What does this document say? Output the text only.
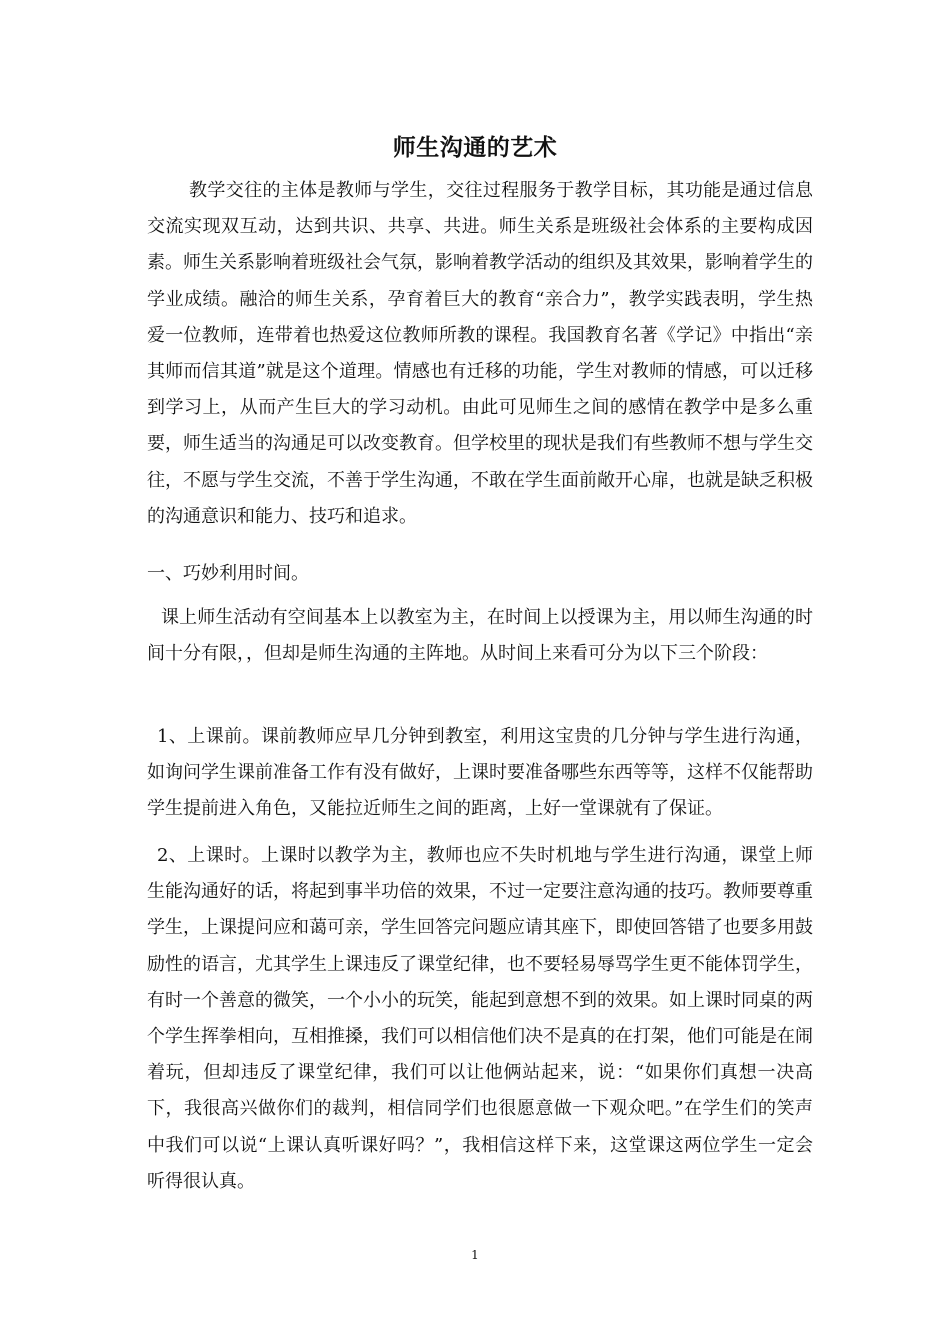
师生沟通的艺术

教学交往的主体是教师与学生，交往过程服务于教学目标，其功能是通过信息交流实现双互动，达到共识、共享、共进。师生关系是班级社会体系的主要构成因素。师生关系影响着班级社会气氛，影响着教学活动的组织及其效果，影响着学生的学业成绩。融洽的师生关系，孕育着巨大的教育“亲合力”，教学实践表明，学生热爱一位教师，连带着也热爱这位教师所教的课程。我国教育名著《学记》中指出“亲其师而信其道”就是这个道理。情感也有迁移的功能，学生对教师的情感，可以迁移到学习上，从而产生巨大的学习动机。由此可见师生之间的感情在教学中是多么重要，师生适当的沟通足可以改变教育。但学校里的现状是我们有些教师不想与学生交往，不愿与学生交流，不善于学生沟通，不敢在学生面前敞开心扉，也就是缺乏积极的沟通意识和能力、技巧和追求。

一、巧妙利用时间。

课上师生活动有空间基本上以教室为主，在时间上以授课为主，用以师生沟通的时间十分有限，，但却是师生沟通的主阵地。从时间上来看可分为以下三个阶段：

1、上课前。课前教师应早几分钟到教室，利用这宝贵的几分钟与学生进行沟通，如询问学生课前准备工作有没有做好，上课时要准备哪些东西等等，这样不仅能帮助学生提前进入角色，又能拉近师生之间的距离，上好一堂课就有了保证。

2、上课时。上课时以教学为主，教师也应不失时机地与学生进行沟通，课堂上师生能沟通好的话，将起到事半功倍的效果，不过一定要注意沟通的技巧。教师要尊重学生，上课提问应和蔼可亲，学生回答完问题应请其座下，即使回答错了也要多用鼓励性的语言，尤其学生上课违反了课堂纪律，也不要轻易辱骂学生更不能体罚学生，有时一个善意的微笑，一个小小的玩笑，能起到意想不到的效果。如上课时同桌的两个学生挥拳相向，互相推搡，我们可以相信他们决不是真的在打架，他们可能是在闹着玩，但却违反了课堂纪律，我们可以让他俩站起来，说：“如果你们真想一决高下，我很高兴做你们的裁判，相信同学们也很愿意做一下观众吧。”在学生们的笑声中我们可以说“上课认真听课好吗？”，我相信这样下来，这堂课这两位学生一定会听得很认真。

1
